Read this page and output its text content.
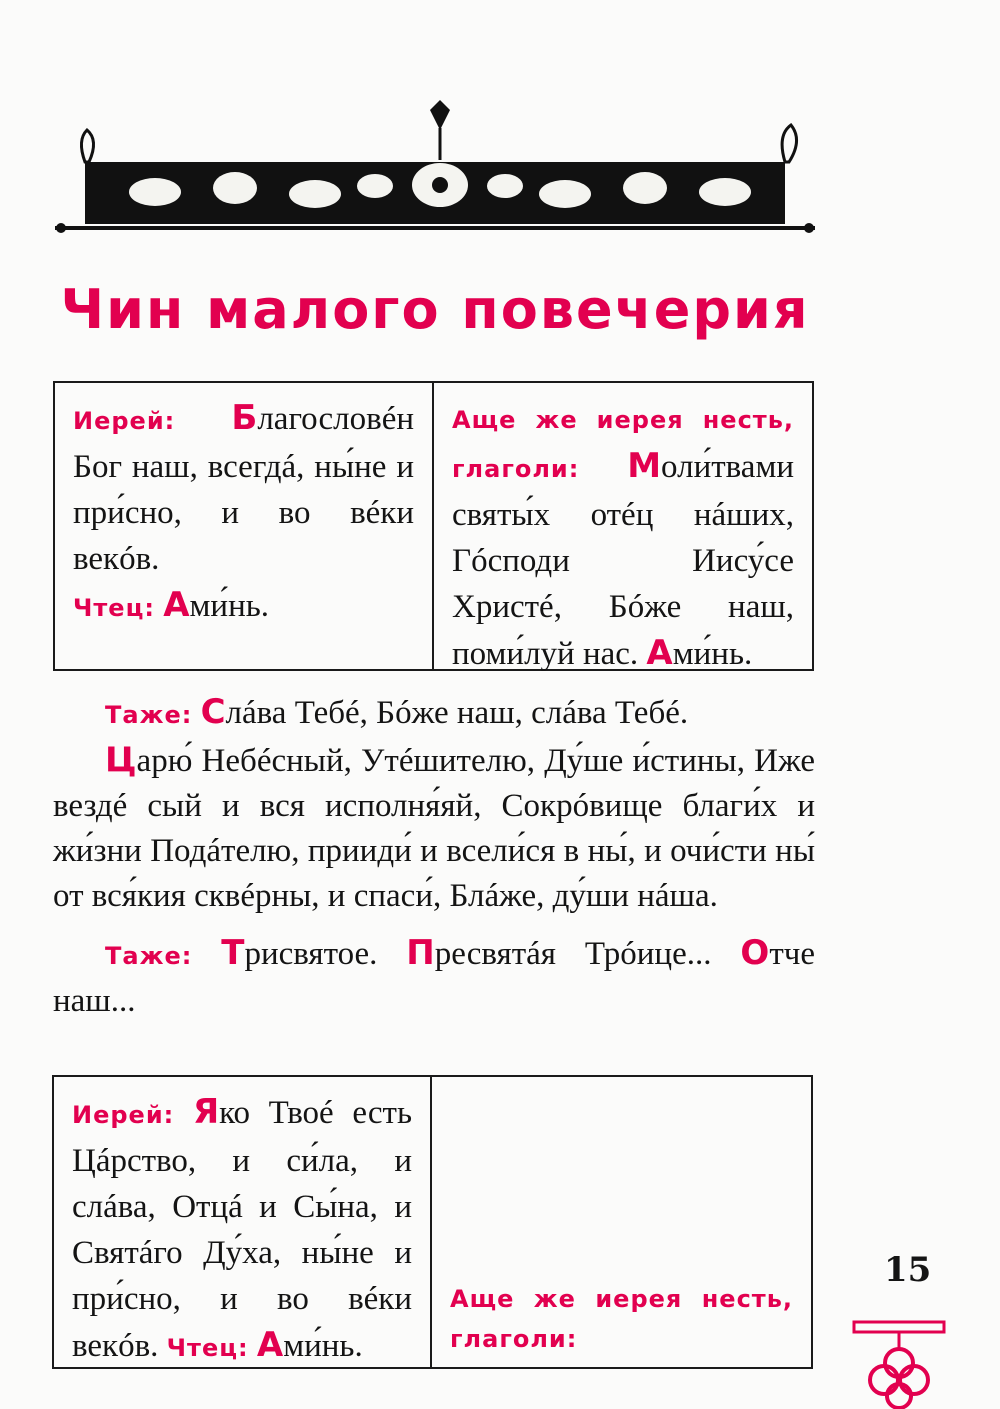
Чин малого повечерия
Иерей: Благословéн Бог наш, всегдá, ны́не и при́сно, и во вéки векóв.
Чтец: Ами́нь.
Аще же иерея несть, глаголи: Моли́твами святы́х отéц нáших, Гóсподи Иису́се Христé, Бóже наш, поми́луй нас. Ами́нь.

Таже: Слáва Тебé, Бóже наш, слáва Тебé.

Царю́ Небéсный, Утéшителю, Ду́ше и́стины, Иже вездé сый и вся исполня́яй, Сокрóвище благи́х и жи́зни Подáтелю, прииди́ и всели́ся в ны́, и очи́сти ны́ от вся́кия сквéрны, и спаси́, Блáже, ду́ши нáша.

Таже: Трисвятое. Пресвятáя Трóице... Отче наш...

Иерей: Яко Твоé есть Цáрство, и си́ла, и слáва, Отцá и Сы́на, и Святáго Ду́ха, ны́не и при́сно, и во вéки векóв. Чтец: Ами́нь.
Аще же иерея несть, глаголи:
15
